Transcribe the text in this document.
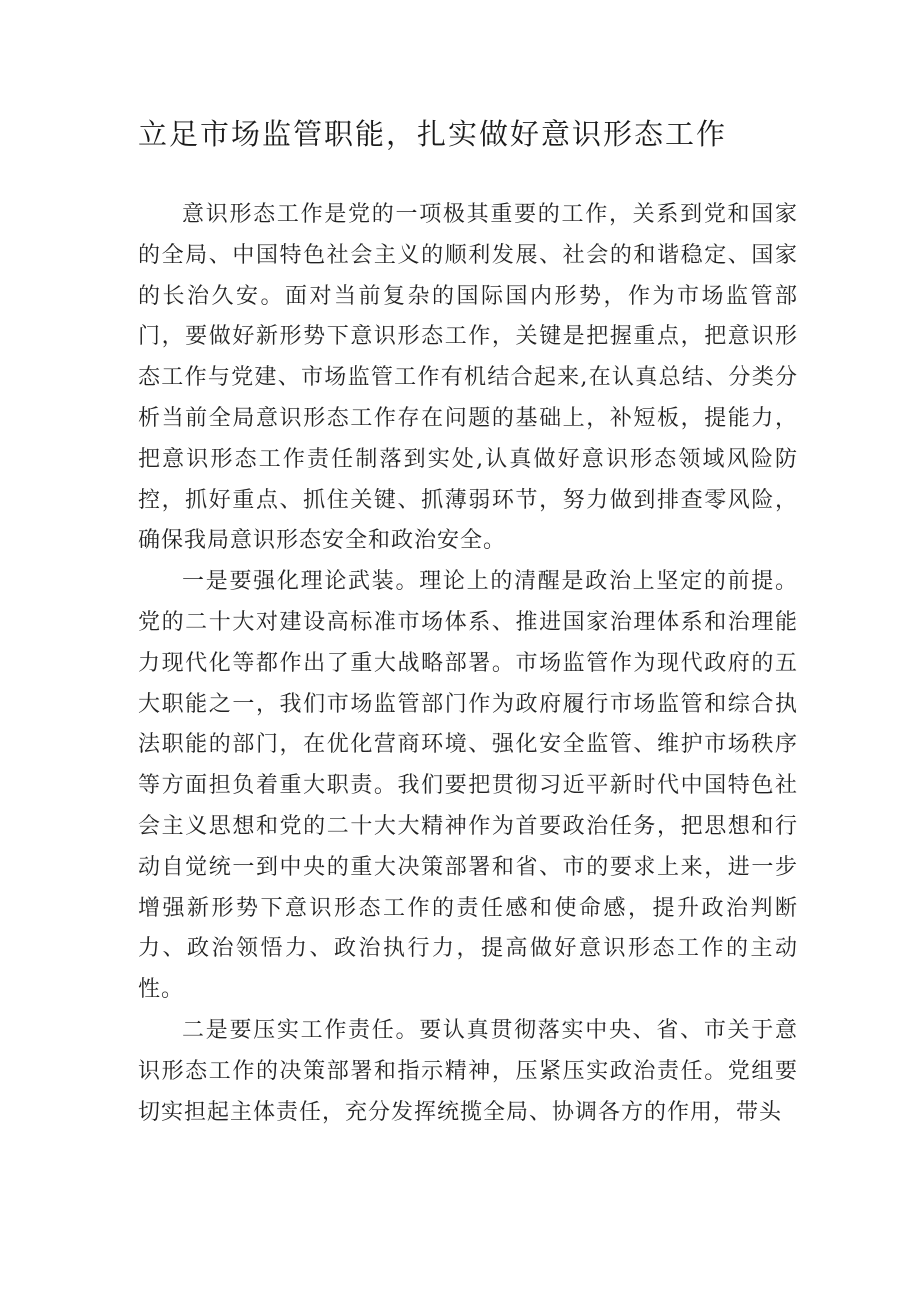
立足市场监管职能，扎实做好意识形态工作

意识形态工作是党的一项极其重要的工作，关系到党和国家的全局、中国特色社会主义的顺利发展、社会的和谐稳定、国家的长治久安。面对当前复杂的国际国内形势，作为市场监管部门，要做好新形势下意识形态工作，关键是把握重点，把意识形态工作与党建、市场监管工作有机结合起来,在认真总结、分类分析当前全局意识形态工作存在问题的基础上，补短板，提能力，把意识形态工作责任制落到实处,认真做好意识形态领域风险防控，抓好重点、抓住关键、抓薄弱环节，努力做到排查零风险，确保我局意识形态安全和政治安全。

一是要强化理论武装。理论上的清醒是政治上坚定的前提。党的二十大对建设高标准市场体系、推进国家治理体系和治理能力现代化等都作出了重大战略部署。市场监管作为现代政府的五大职能之一，我们市场监管部门作为政府履行市场监管和综合执法职能的部门，在优化营商环境、强化安全监管、维护市场秩序等方面担负着重大职责。我们要把贯彻习近平新时代中国特色社会主义思想和党的二十大大精神作为首要政治任务，把思想和行动自觉统一到中央的重大决策部署和省、市的要求上来，进一步增强新形势下意识形态工作的责任感和使命感，提升政治判断力、政治领悟力、政治执行力，提高做好意识形态工作的主动性。

二是要压实工作责任。要认真贯彻落实中央、省、市关于意识形态工作的决策部署和指示精神，压紧压实政治责任。党组要切实担起主体责任，充分发挥统揽全局、协调各方的作用，带头
